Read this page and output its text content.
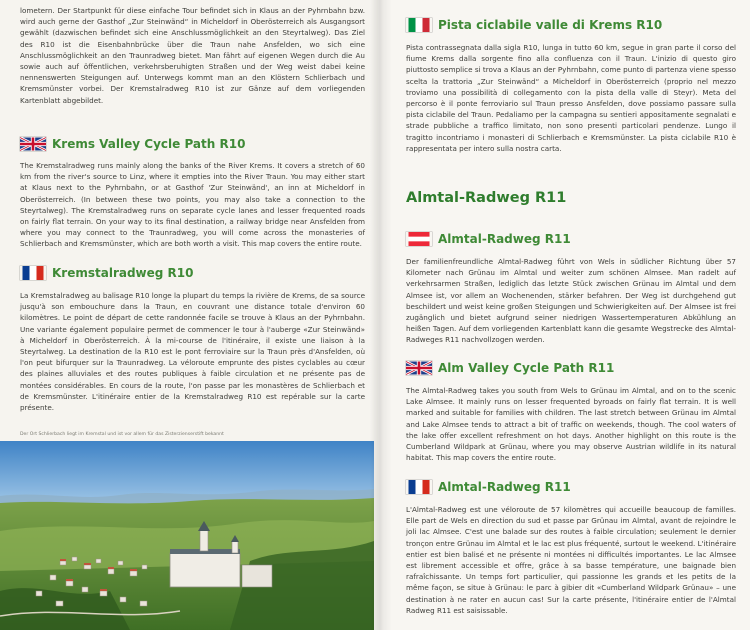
lometern. Der Startpunkt für diese einfache Tour befindet sich in Klaus an der Pyhrnbahn bzw. wird auch gerne der Gasthof „Zur Steinwänd“ in Micheldorf in Oberösterreich als Ausgangsort gewählt (dazwischen befindet sich eine Anschlussmöglichkeit an den Steyrtalweg). Das Ziel des R10 ist die Eisenbahnbrücke über die Traun nahe Ansfelden, wo sich eine Anschlussmöglichkeit an den Traunradweg bietet. Man fährt auf eigenen Wegen durch die Au sowie auch auf öffentlichen, verkehrsberuhigten Straßen und der Weg weist dabei keine nennenswerten Steigungen auf. Unterwegs kommt man an den Klöstern Schlierbach und Kremsmünster vorbei. Der Kremstalradweg R10 ist zur Gänze auf dem vorliegenden Kartenblatt abgebildet.

Krems Valley Cycle Path R10

The Kremstalradweg runs mainly along the banks of the River Krems. It covers a stretch of 60 km from the river's source to Linz, where it empties into the River Traun. You may either start at Klaus next to the Pyhrnbahn, or at Gasthof 'Zur Steinwänd', an inn at Micheldorf in Oberösterreich. (In between these two points, you may also take a connection to the Steyrtalweg). The Kremstalradweg runs on separate cycle lanes and lesser frequented roads on fairly flat terrain. On your way to its final destination, a railway bridge near Ansfelden from where you may connect to the Traunradweg, you will come across the monasteries of Schlierbach and Kremsmünster, which are both worth a visit. This map covers the entire route.

Kremstalradweg R10

La Kremstalradweg au balisage R10 longe la plupart du temps la rivière de Krems, de sa source jusqu'à son embouchure dans la Traun, en couvrant une distance totale d'environ 60 kilomètres. Le point de départ de cette randonnée facile se trouve à Klaus an der Pyhrnbahn. Une variante également populaire permet de commencer le tour à l'auberge «Zur Steinwänd» à Micheldorf in Oberösterreich. À la mi-course de l'itinéraire, il existe une liaison à la Steyrtalweg. La destination de la R10 est le pont ferroviaire sur la Traun près d'Ansfelden, où l'on peut bifurquer sur la Traunradweg. La véloroute emprunte des pistes cyclables au cœur des plaines alluviales et des routes publiques à faible circulation et ne présente pas de montées considérables. En cours de la route, l'on passe par les monastères de Schlierbach et de Kremsmünster. L'itinéraire entier de la Kremstalradweg R10 est repérable sur la carte présente.

Der Ort Schlierbach liegt im Kremstal und ist vor allem für das Zisterzienserstift bekannt
Pista ciclabile valle di Krems R10

Pista contrassegnata dalla sigla R10, lunga in tutto 60 km, segue in gran parte il corso del fiume Krems dalla sorgente fino alla confluenza con il Traun. L'inizio di questo giro piuttosto semplice si trova a Klaus an der Pyhrnbahn, come punto di partenza viene spesso scelta la trattoria „Zur Steinwänd“ a Micheldorf in Oberösterreich (proprio nel mezzo troviamo una possibilità di collegamento con la pista della valle di Steyr). Meta del percorso è il ponte ferroviario sul Traun presso Ansfelden, dove possiamo passare sulla pista ciclabile del Traun. Pedaliamo per la campagna su sentieri appositamente segnalati e strade pubbliche a traffico limitato, non sono presenti particolari pendenze. Lungo il tragitto incontriamo i monasteri di Schlierbach e Kremsmünster. La pista ciclabile R10 è rappresentata per intero sulla nostra carta.

Almtal-Radweg R11
Almtal-Radweg R11

Der familienfreundliche Almtal-Radweg führt von Wels in südlicher Richtung über 57 Kilometer nach Grünau im Almtal und weiter zum schönen Almsee. Man radelt auf verkehrsarmen Straßen, lediglich das letzte Stück zwischen Grünau im Almtal und dem Almsee ist, vor allem an Wochenenden, stärker befahren. Der Weg ist durchgehend gut beschildert und weist keine großen Steigungen und Schwierigkeiten auf. Der Almsee ist frei zugänglich und bietet aufgrund seiner niedrigen Wassertemperaturen Abkühlung an heißen Tagen. Auf dem vorliegenden Kartenblatt kann die gesamte Wegstrecke des Almtal-Radweges R11 nachvollzogen werden.

Alm Valley Cycle Path R11

The Almtal-Radweg takes you south from Wels to Grünau im Almtal, and on to the scenic Lake Almsee. It mainly runs on lesser frequented byroads on fairly flat terrain. It is well marked and suitable for families with children. The last stretch between Grünau im Almtal and Lake Almsee tends to attract a bit of traffic on weekends, though. The cool waters of the lake offer excellent refreshment on hot days. Another highlight on this route is the Cumberland Wildpark at Grünau, where you may observe Austrian wildlife in its natural habitat. This map covers the entire route.

Almtal-Radweg R11

L'Almtal-Radweg est une véloroute de 57 kilomètres qui accueille beaucoup de familles. Elle part de Wels en direction du sud et passe par Grünau im Almtal, avant de rejoindre le joli lac Almsee. C'est une balade sur des routes à faible circulation; seulement le dernier tronçon entre Grünau im Almtal et le lac est plus fréquenté, surtout le weekend. L'itinéraire entier est bien balisé et ne présente ni montées ni difficultés importantes. Le lac Almsee est librement accessible et offre, grâce à sa basse température, une baignade bien rafraîchissante. Un temps fort particulier, qui passionne les grands et les petits de la même façon, se situe à Grünau: le parc à gibier dit «Cumberland Wildpark Grünau» – une destination à ne rater en aucun cas! Sur la carte présente, l'itinéraire entier de l'Almtal Radweg R11 est saisissable.
